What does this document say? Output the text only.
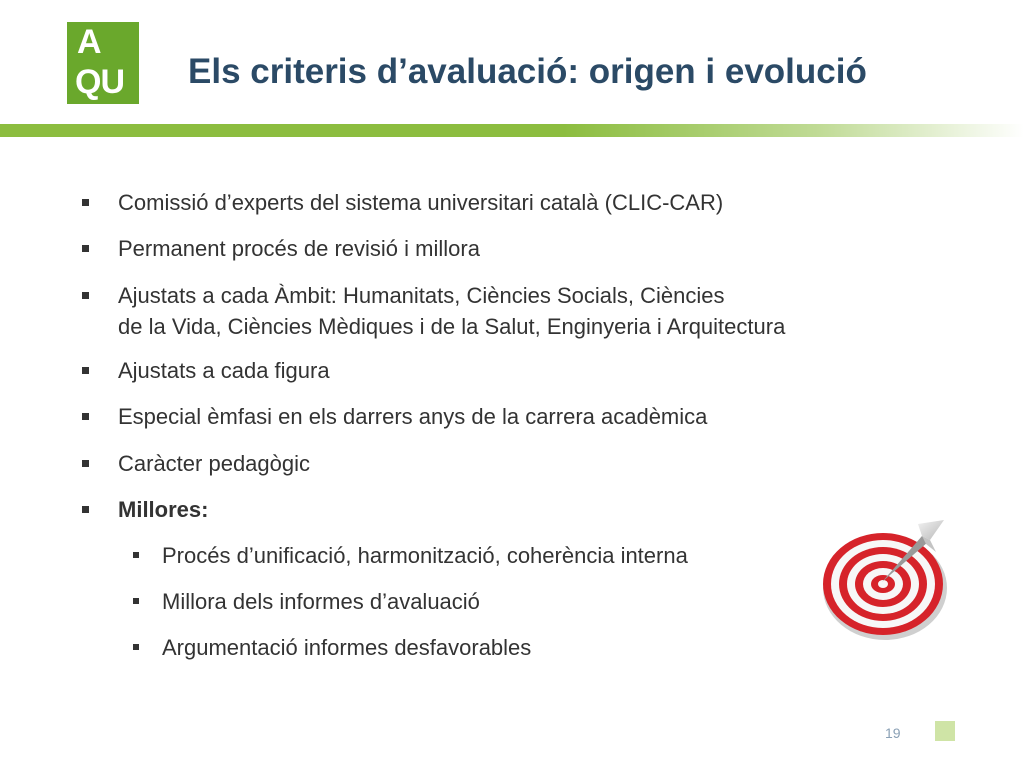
A
QU Els criteris d’avaluació: origen i evolució
Comissió d’experts del sistema universitari català (CLIC-CAR)
Permanent procés de revisió i millora
Ajustats a cada Àmbit: Humanitats, Ciències Socials, Ciències
de la Vida, Ciències Mèdiques i de la Salut, Enginyeria i Arquitectura
Ajustats a cada figura
Especial èmfasi en els darrers anys de la carrera acadèmica
Caràcter pedagògic
Millores:
Procés d’unificació, harmonització, coherència interna
Millora dels informes d’avaluació
Argumentació informes desfavorables
19
